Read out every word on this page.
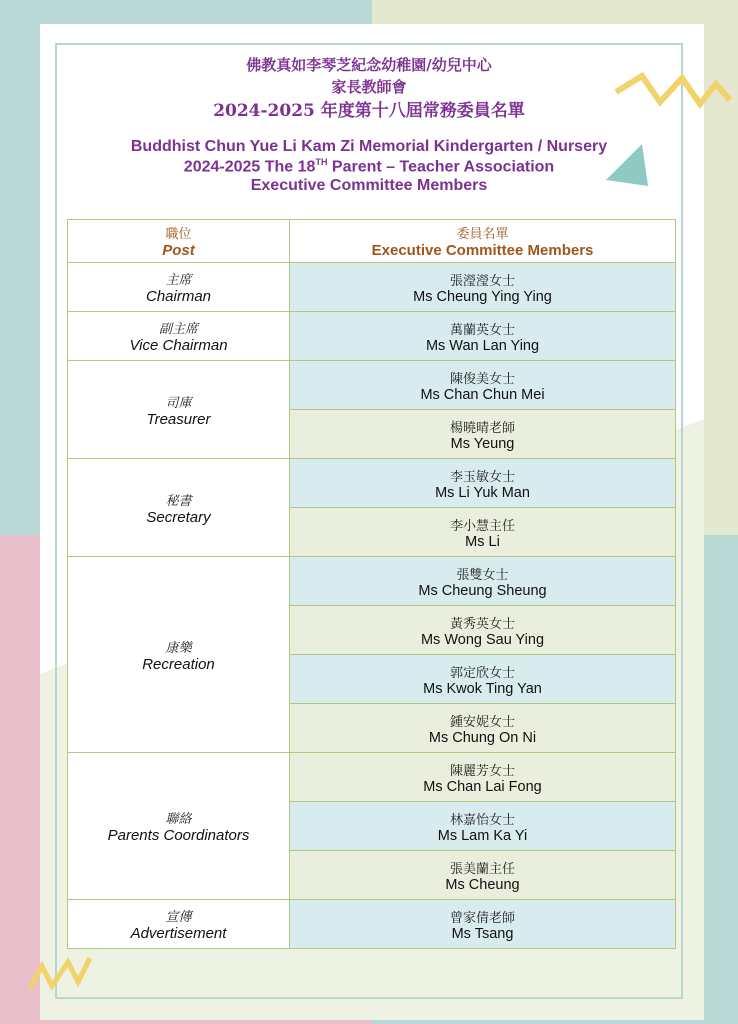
佛教真如李琴芝紀念幼稚園/幼兒中心
家長教師會
2024-2025 年度第十八屆常務委員名單
Buddhist Chun Yue Li Kam Zi Memorial Kindergarten / Nursery
2024-2025 The 18TH Parent – Teacher Association
Executive Committee Members
職位
Post	委員名單
Executive Committee Members

主席
Chairman	張瀅瀅女士
Ms Cheung Ying Ying

副主席
Vice Chairman	萬蘭英女士
Ms Wan Lan Ying

司庫
Treasurer	陳俊美女士
Ms Chan Chun Mei

	楊曉晴老師
Ms Yeung

秘書
Secretary	李玉敏女士
Ms Li Yuk Man

	李小慧主任
Ms Li

康樂
Recreation	張雙女士
Ms Cheung Sheung

	黃秀英女士
Ms Wong Sau Ying

	郭定欣女士
Ms Kwok Ting Yan

	鍾安妮女士
Ms Chung On Ni

聯絡
Parents Coordinators	陳麗芳女士
Ms Chan Lai Fong

	林嘉怡女士
Ms Lam Ka Yi

	張美蘭主任
Ms Cheung

宣傳
Advertisement	曾家倩老師
Ms Tsang
